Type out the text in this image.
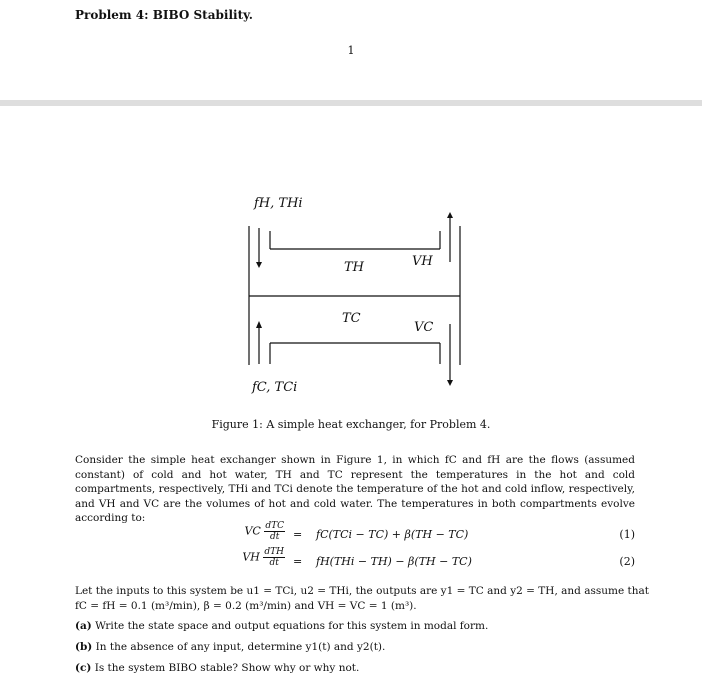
Problem 4: BIBO Stability.
1
fH, THi
TH	VH
TC
VC
fC, TCi
Figure 1: A simple heat exchanger, for Problem 4.
Consider the simple heat exchanger shown in Figure 1, in which fC and fH are the flows (assumed constant) of cold and hot water, TH and TC represent the temperatures in the hot and cold compartments, respectively, THi and TCi denote the temperature of the hot and cold inflow, respectively, and VH and VC are the volumes of hot and cold water. The temperatures in both compartments evolve according to:
VC $\frac{\text{dTC}}{dt} = fC(TCi - TC) + \beta(TH - TC)$	(1)
VH $\frac{\text{dTH}}{dt} = fH(THi - TH) - \beta(TH - TC)$	(2)
Let the inputs to this system be u1 = TCi, u2 = THi, the outputs are y1 = TC and y2 = TH, and assume that
fC = fH = 0.1 (m³/min), β = 0.2 (m³/min) and VH = VC = 1 (m³).
(a) Write the state space and output equations for this system in modal form.
(b) In the absence of any input, determine y1(t) and y2(t).
(c) Is the system BIBO stable? Show why or why not.
